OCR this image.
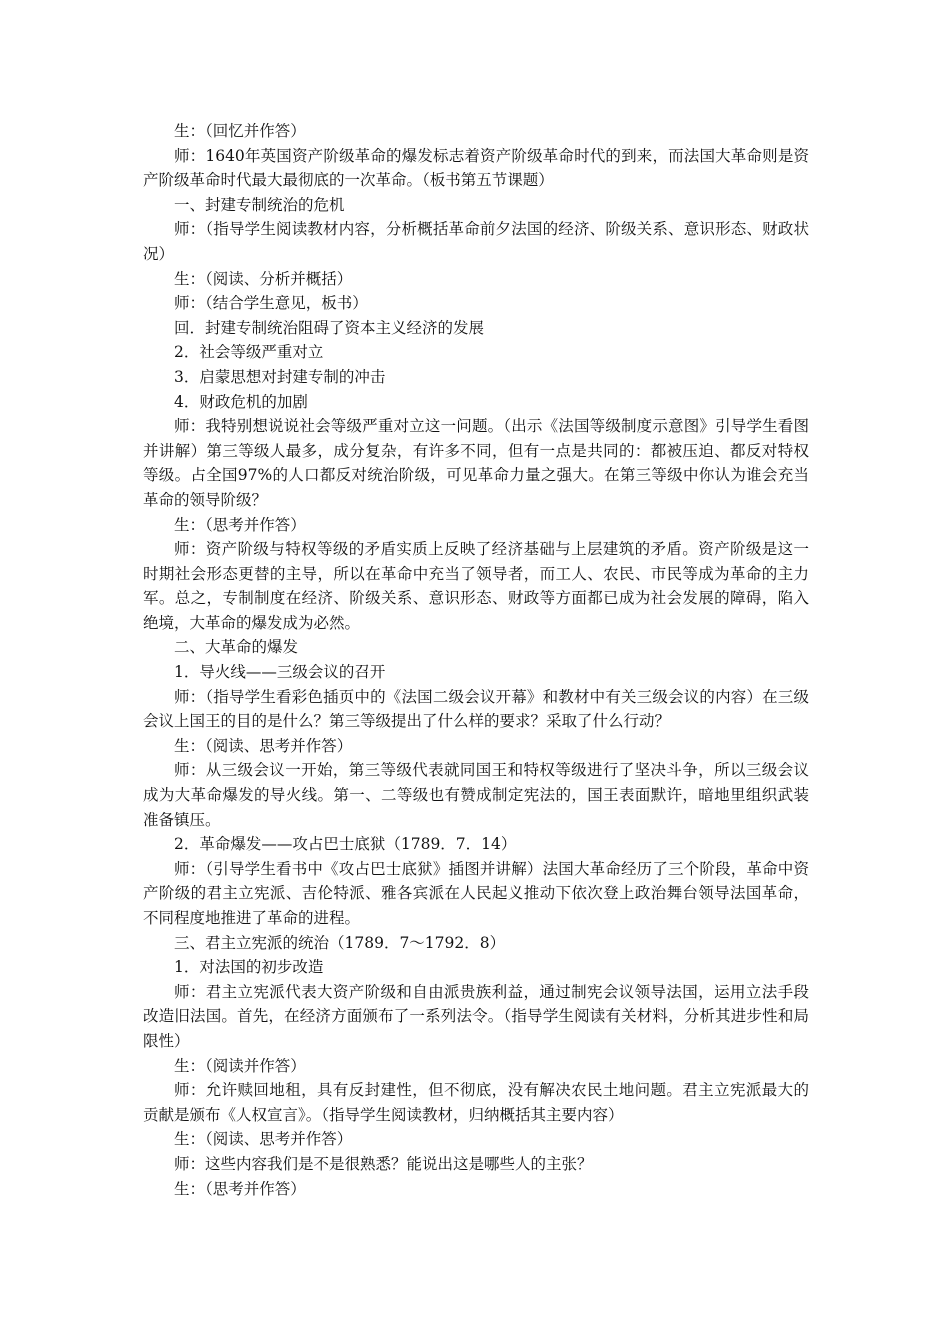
生：（回忆并作答）

师：1640年英国资产阶级革命的爆发标志着资产阶级革命时代的到来，而法国大革命则是资产阶级革命时代最大最彻底的一次革命。（板书第五节课题）

一、封建专制统治的危机

师：（指导学生阅读教材内容，分析概括革命前夕法国的经济、阶级关系、意识形态、财政状况）

生：（阅读、分析并概括）

师：（结合学生意见，板书）

回．封建专制统治阻碍了资本主义经济的发展

2．社会等级严重对立

3．启蒙思想对封建专制的冲击

4．财政危机的加剧

师：我特别想说说社会等级严重对立这一问题。（出示《法国等级制度示意图》引导学生看图并讲解）第三等级人最多，成分复杂，有许多不同，但有一点是共同的：都被压迫、都反对特权等级。占全国97%的人口都反对统治阶级，可见革命力量之强大。在第三等级中你认为谁会充当革命的领导阶级？

生：（思考并作答）

师：资产阶级与特权等级的矛盾实质上反映了经济基础与上层建筑的矛盾。资产阶级是这一时期社会形态更替的主导，所以在革命中充当了领导者，而工人、农民、市民等成为革命的主力军。总之，专制制度在经济、阶级关系、意识形态、财政等方面都已成为社会发展的障碍，陷入绝境，大革命的爆发成为必然。

二、大革命的爆发

1．导火线——三级会议的召开

师：（指导学生看彩色插页中的《法国二级会议开幕》和教材中有关三级会议的内容）在三级会议上国王的目的是什么？第三等级提出了什么样的要求？采取了什么行动？

生：（阅读、思考并作答）

师：从三级会议一开始，第三等级代表就同国王和特权等级进行了坚决斗争，所以三级会议成为大革命爆发的导火线。第一、二等级也有赞成制定宪法的，国王表面默许，暗地里组织武装准备镇压。

2．革命爆发——攻占巴士底狱（1789．7．14）

师：（引导学生看书中《攻占巴士底狱》插图并讲解）法国大革命经历了三个阶段，革命中资产阶级的君主立宪派、吉伦特派、雅各宾派在人民起义推动下依次登上政治舞台领导法国革命，不同程度地推进了革命的进程。

三、君主立宪派的统治（1789．7～1792．8）

1．对法国的初步改造

师：君主立宪派代表大资产阶级和自由派贵族利益，通过制宪会议领导法国，运用立法手段改造旧法国。首先，在经济方面颁布了一系列法令。（指导学生阅读有关材料，分析其进步性和局限性）

生：（阅读并作答）

师：允许赎回地租，具有反封建性，但不彻底，没有解决农民土地问题。君主立宪派最大的贡献是颁布《人权宣言》。（指导学生阅读教材，归纳概括其主要内容）

生：（阅读、思考并作答）

师：这些内容我们是不是很熟悉？能说出这是哪些人的主张？

生：（思考并作答）
